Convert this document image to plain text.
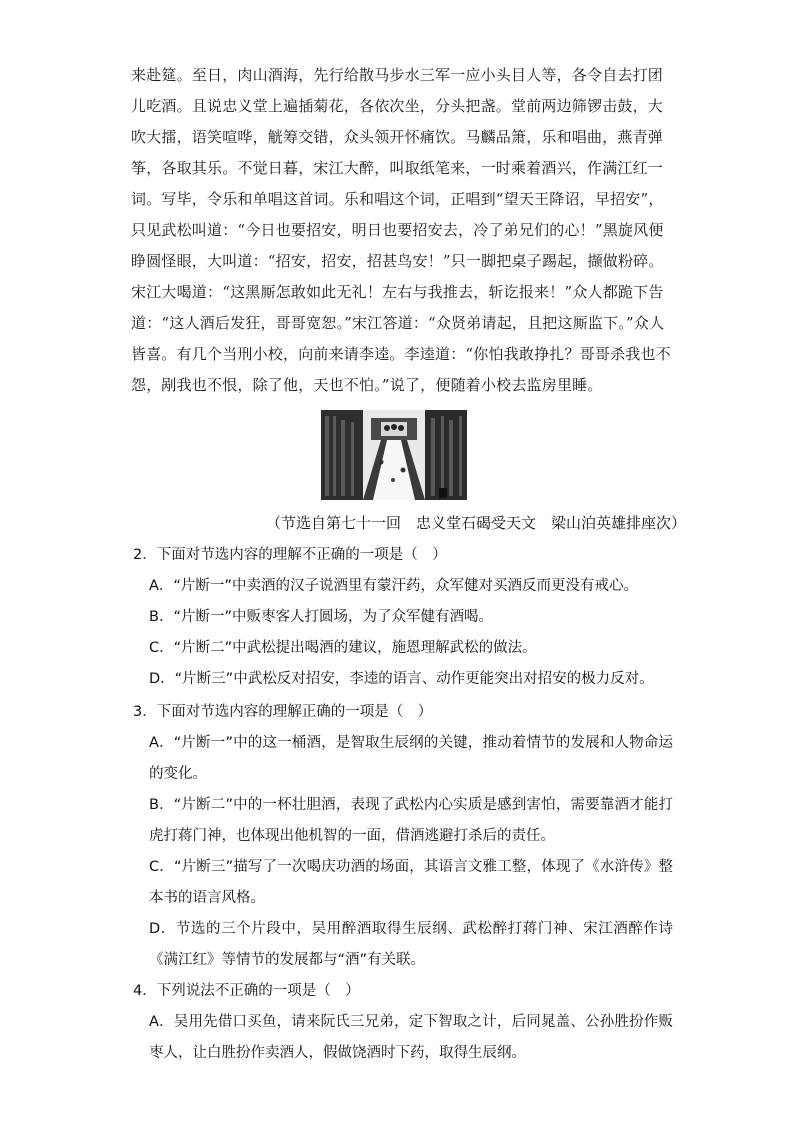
来赴筵。至日，肉山酒海，先行给散马步水三军一应小头目人等，各令自去打团儿吃酒。且说忠义堂上遍插菊花，各依次坐，分头把盏。堂前两边筛锣击鼓，大吹大擂，语笑喧哗，觥筹交错，众头领开怀痛饮。马麟品箫，乐和唱曲，燕青弹筝，各取其乐。不觉日暮，宋江大醉，叫取纸笔来，一时乘着酒兴，作满江红一词。写毕，令乐和单唱这首词。乐和唱这个词，正唱到“望天王降诏，早招安”，只见武松叫道：“今日也要招安，明日也要招安去，冷了弟兄们的心！”黑旋风便睁圆怪眼，大叫道：“招安，招安，招甚鸟安！”只一脚把桌子踢起，撷做粉碎。宋江大喝道：“这黑厮怎敢如此无礼！左右与我推去，斩讫报来！”众人都跪下告道：“这人酒后发狂，哥哥宽恕。”宋江答道：“众贤弟请起，且把这厮监下。”众人皆喜。有几个当刑小校，向前来请李逵。李逵道：“你怕我敢挣扎？哥哥杀我也不怨，剐我也不恨，除了他，天也不怕。”说了，便随着小校去监房里睡。

（节选自第七十一回　忠义堂石碣受天文　梁山泊英雄排座次）

2．下面对节选内容的理解不正确的一项是（　）

A．“片断一”中卖酒的汉子说酒里有蒙汗药，众军健对买酒反而更没有戒心。

B．“片断一”中贩枣客人打圆场，为了众军健有酒喝。

C．“片断二”中武松提出喝酒的建议，施恩理解武松的做法。

D．“片断三”中武松反对招安，李逵的语言、动作更能突出对招安的极力反对。

3．下面对节选内容的理解正确的一项是（　）

A．“片断一”中的这一桶酒，是智取生辰纲的关键，推动着情节的发展和人物命运的变化。

B．“片断二”中的一杯壮胆酒，表现了武松内心实质是感到害怕，需要靠酒才能打虎打蒋门神，也体现出他机智的一面，借酒逃避打杀后的责任。

C．“片断三”描写了一次喝庆功酒的场面，其语言文雅工整，体现了《水浒传》整本书的语言风格。

D．节选的三个片段中，吴用醉酒取得生辰纲、武松醉打蒋门神、宋江酒醉作诗《满江红》等情节的发展都与“酒”有关联。

4．下列说法不正确的一项是（　）

A．吴用先借口买鱼，请来阮氏三兄弟，定下智取之计，后同晁盖、公孙胜扮作贩枣人，让白胜扮作卖酒人，假做饶酒时下药，取得生辰纲。
